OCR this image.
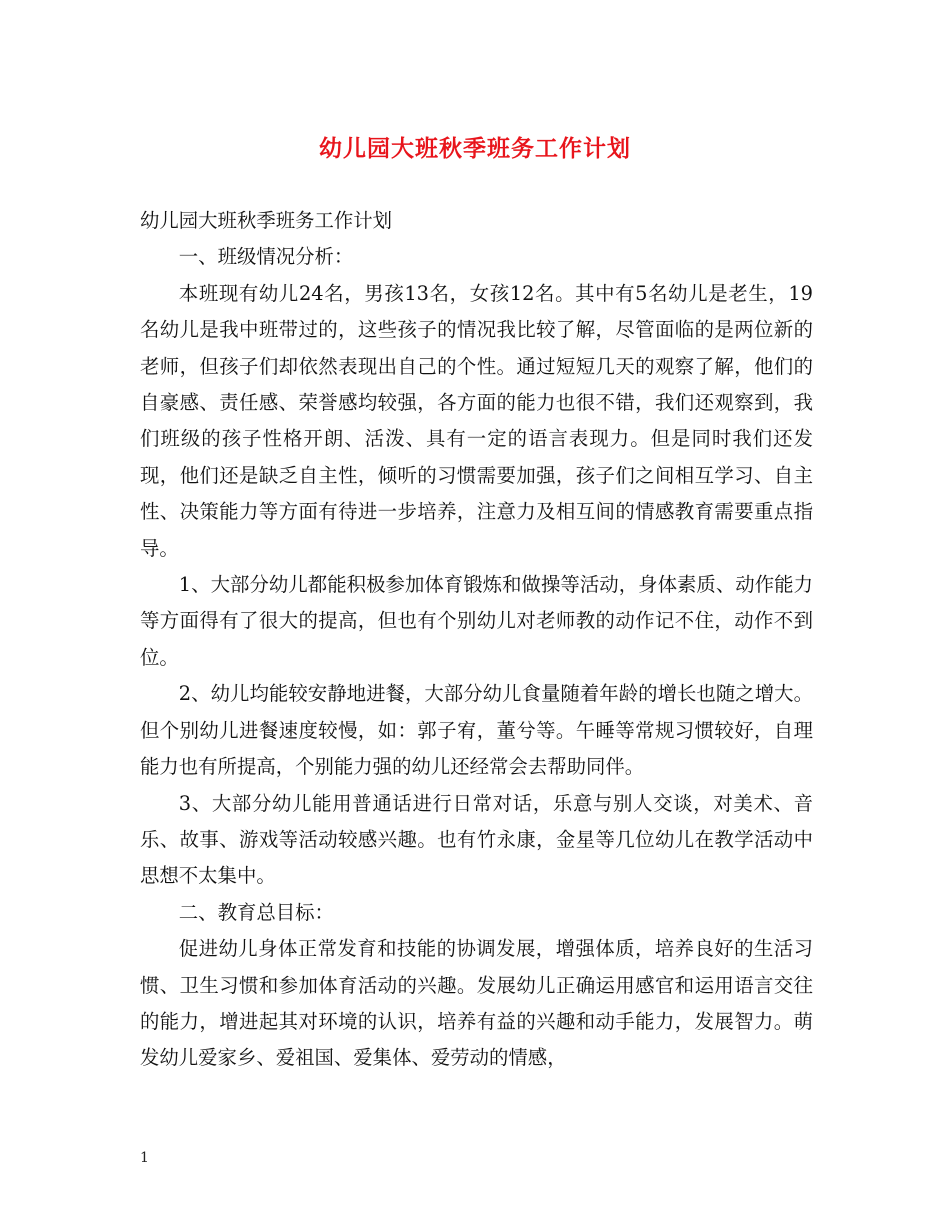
幼儿园大班秋季班务工作计划

幼儿园大班秋季班务工作计划

一、班级情况分析：

本班现有幼儿24名，男孩13名，女孩12名。其中有5名幼儿是老生，19名幼儿是我中班带过的，这些孩子的情况我比较了解，尽管面临的是两位新的老师，但孩子们却依然表现出自己的个性。通过短短几天的观察了解，他们的自豪感、责任感、荣誉感均较强，各方面的能力也很不错，我们还观察到，我们班级的孩子性格开朗、活泼、具有一定的语言表现力。但是同时我们还发现，他们还是缺乏自主性，倾听的习惯需要加强，孩子们之间相互学习、自主性、决策能力等方面有待进一步培养，注意力及相互间的情感教育需要重点指导。

1、大部分幼儿都能积极参加体育锻炼和做操等活动，身体素质、动作能力等方面得有了很大的提高，但也有个别幼儿对老师教的动作记不住，动作不到位。

2、幼儿均能较安静地进餐，大部分幼儿食量随着年龄的增长也随之增大。但个别幼儿进餐速度较慢，如：郭子宥，董兮等。午睡等常规习惯较好，自理能力也有所提高，个别能力强的幼儿还经常会去帮助同伴。

3、大部分幼儿能用普通话进行日常对话，乐意与别人交谈，对美术、音乐、故事、游戏等活动较感兴趣。也有竹永康，金星等几位幼儿在教学活动中思想不太集中。

二、教育总目标：

促进幼儿身体正常发育和技能的协调发展，增强体质，培养良好的生活习惯、卫生习惯和参加体育活动的兴趣。发展幼儿正确运用感官和运用语言交往的能力，增进起其对环境的认识，培养有益的兴趣和动手能力，发展智力。萌发幼儿爱家乡、爱祖国、爱集体、爱劳动的情感，

1
